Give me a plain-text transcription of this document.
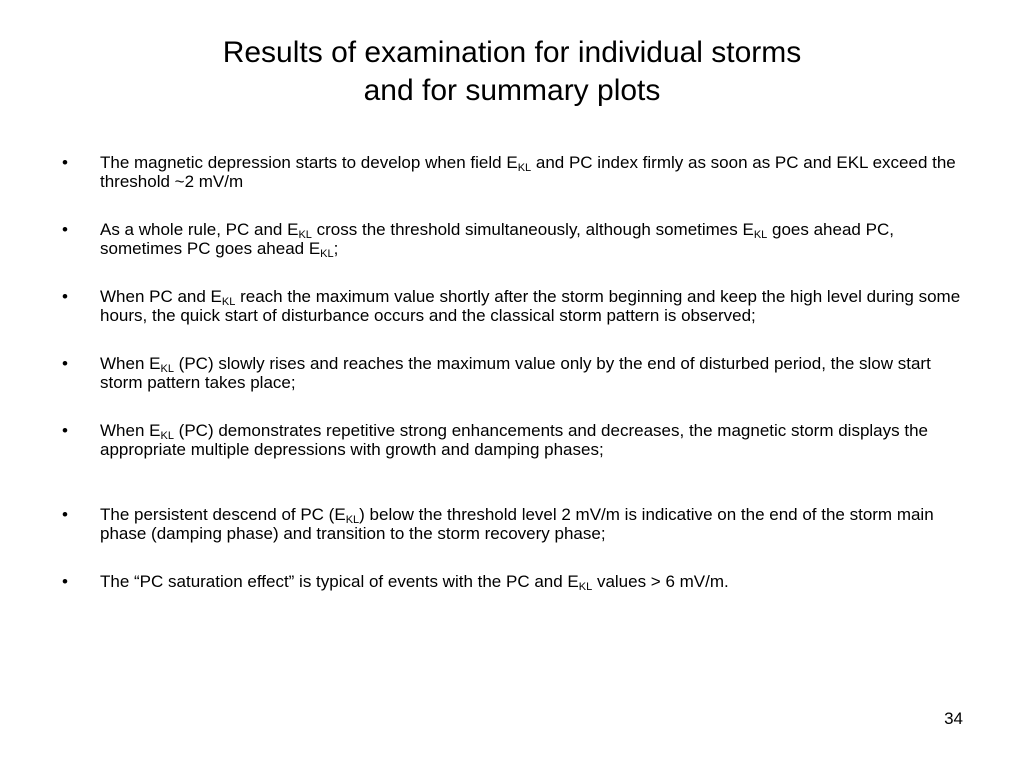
Results of examination for individual storms
and for summary plots
• The magnetic depression starts to develop when field $E_{KL}$ and PC index firmly as soon as PC and EKL exceed the threshold ~2 mV/m
• As a whole rule, PC and $E_{KL}$ cross the threshold simultaneously, although sometimes $E_{KL}$ goes ahead PC, sometimes PC goes ahead $E_{KL}$;
• When PC and $E_{KL}$ reach the maximum value shortly after the storm beginning and keep the high level during some hours, the quick start of disturbance occurs and the classical storm pattern is observed;
• When $E_{KL}$ (PC) slowly rises and reaches the maximum value only by the end of disturbed period, the slow start storm pattern takes place;
• When $E_{KL}$ (PC) demonstrates repetitive strong enhancements and decreases, the magnetic storm displays the appropriate multiple depressions with growth and damping phases;
• The persistent descend of PC $(E_{KL})$ below the threshold level 2 mV/m is indicative on the end of the storm main phase (damping phase) and transition to the storm recovery phase;
• The “PC saturation effect” is typical of events with the PC and $E_{KL}$ values > 6 mV/m.
34
